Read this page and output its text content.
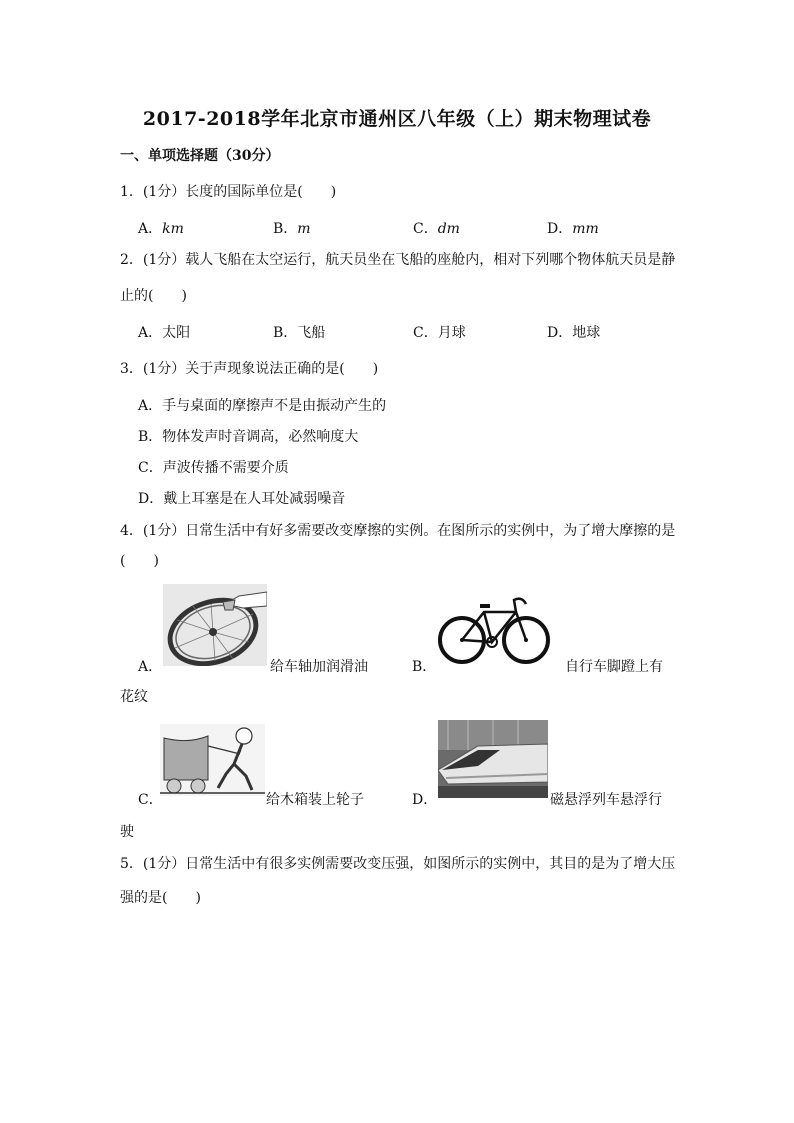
2017-2018学年北京市通州区八年级（上）期末物理试卷
一、单项选择题（30分）
1．(1分）长度的国际单位是(　　)
A．km	B．m	C．dm	D．mm
2．(1分）载人飞船在太空运行，航天员坐在飞船的座舱内，相对下列哪个物体航天员是静
止的(　　)
A．太阳	B．飞船	C．月球	D．地球
3．(1分）关于声现象说法正确的是(　　)
A．手与桌面的摩擦声不是由振动产生的
B．物体发声时音调高，必然响度大
C．声波传播不需要介质
D．戴上耳塞是在人耳处减弱噪音
4．(1分）日常生活中有好多需要改变摩擦的实例。在图所示的实例中，为了增大摩擦的是
(　　)
A．	给车轴加润滑油	B．	自行车脚蹬上有
花纹
C．	给木箱装上轮子	D．	磁悬浮列车悬浮行
驶
5．(1分）日常生活中有很多实例需要改变压强，如图所示的实例中，其目的是为了增大压
强的是(　　)
